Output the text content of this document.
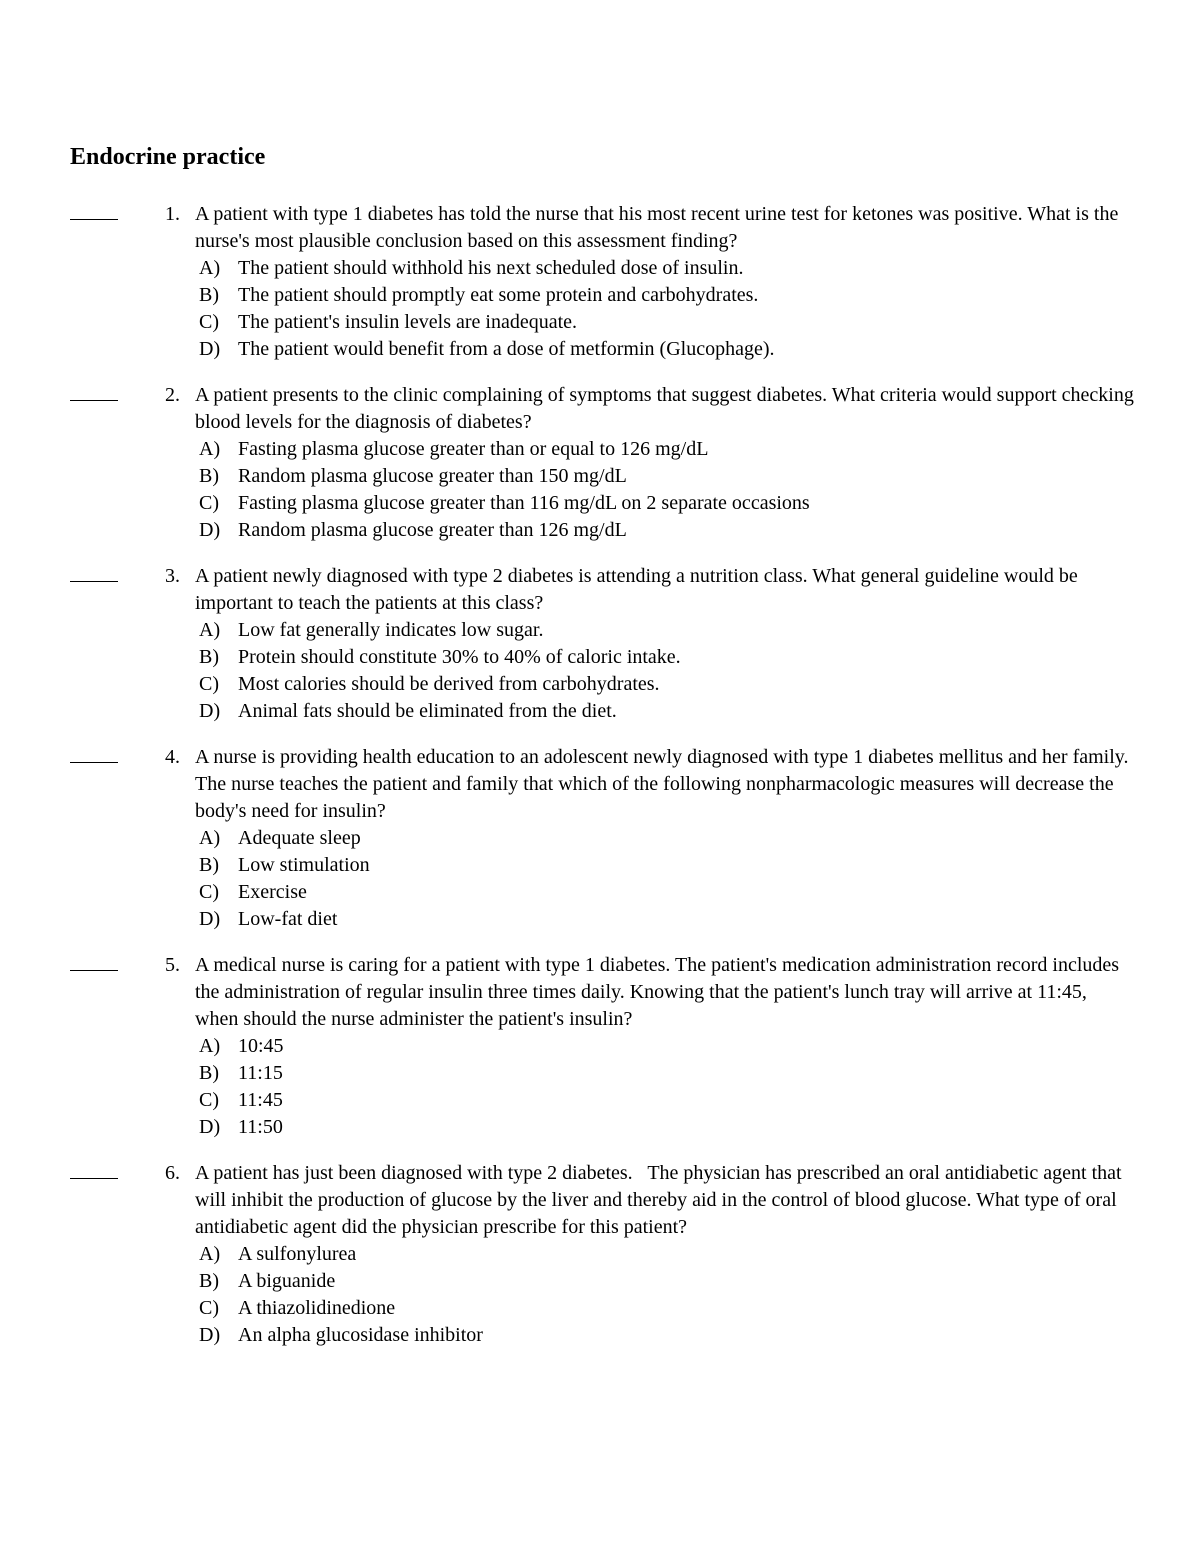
Endocrine practice
1. A patient with type 1 diabetes has told the nurse that his most recent urine test for ketones was positive. What is the nurse's most plausible conclusion based on this assessment finding?
A) The patient should withhold his next scheduled dose of insulin.
B) The patient should promptly eat some protein and carbohydrates.
C) The patient's insulin levels are inadequate.
D) The patient would benefit from a dose of metformin (Glucophage).
2. A patient presents to the clinic complaining of symptoms that suggest diabetes. What criteria would support checking blood levels for the diagnosis of diabetes?
A) Fasting plasma glucose greater than or equal to 126 mg/dL
B) Random plasma glucose greater than 150 mg/dL
C) Fasting plasma glucose greater than 116 mg/dL on 2 separate occasions
D) Random plasma glucose greater than 126 mg/dL
3. A patient newly diagnosed with type 2 diabetes is attending a nutrition class. What general guideline would be important to teach the patients at this class?
A) Low fat generally indicates low sugar.
B) Protein should constitute 30% to 40% of caloric intake.
C) Most calories should be derived from carbohydrates.
D) Animal fats should be eliminated from the diet.
4. A nurse is providing health education to an adolescent newly diagnosed with type 1 diabetes mellitus and her family. The nurse teaches the patient and family that which of the following nonpharmacologic measures will decrease the body's need for insulin?
A) Adequate sleep
B) Low stimulation
C) Exercise
D) Low-fat diet
5. A medical nurse is caring for a patient with type 1 diabetes. The patient's medication administration record includes the administration of regular insulin three times daily. Knowing that the patient's lunch tray will arrive at 11:45, when should the nurse administer the patient's insulin?
A) 10:45
B) 11:15
C) 11:45
D) 11:50
6. A patient has just been diagnosed with type 2 diabetes.   The physician has prescribed an oral antidiabetic agent that will inhibit the production of glucose by the liver and thereby aid in the control of blood glucose. What type of oral antidiabetic agent did the physician prescribe for this patient?
A) A sulfonylurea
B) A biguanide
C) A thiazolidinedione
D) An alpha glucosidase inhibitor
